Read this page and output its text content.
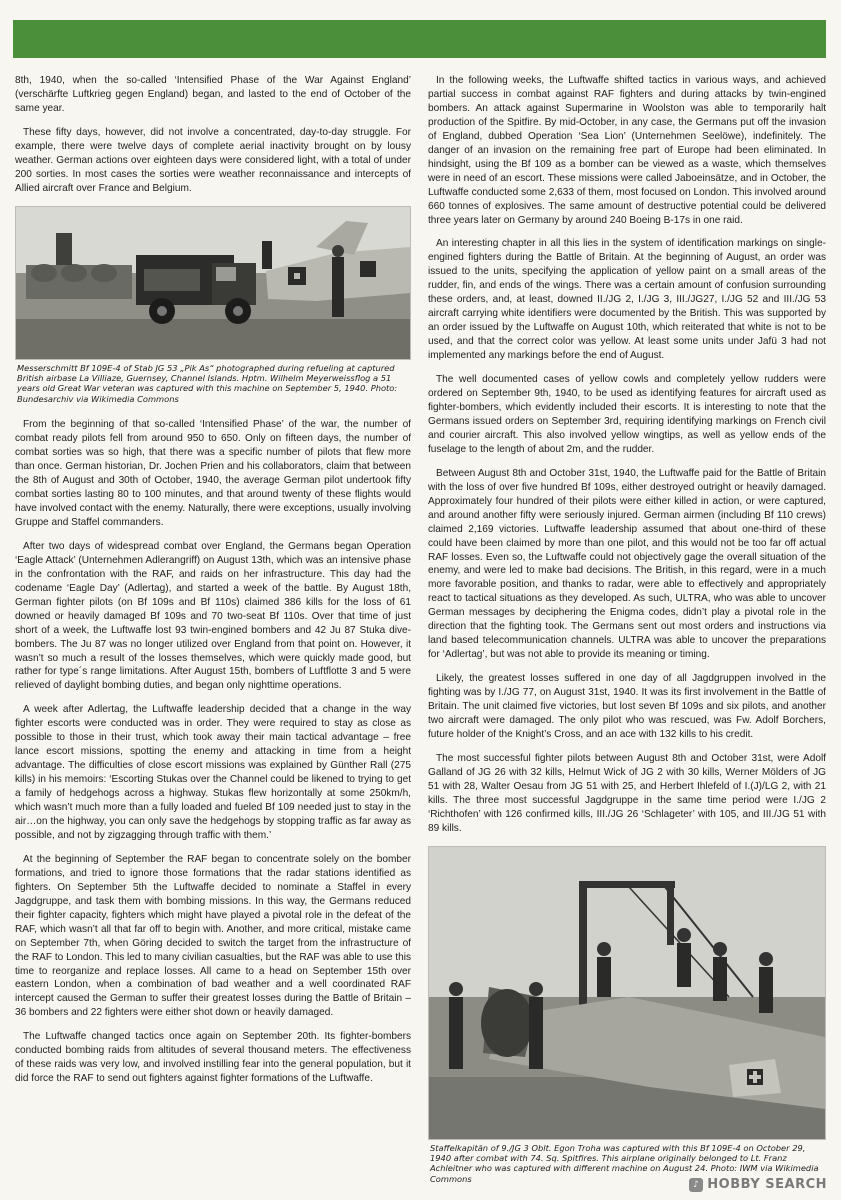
8th, 1940, when the so-called ‘Intensified Phase of the War Against England’ (verschärfte Luftkrieg gegen England) began, and lasted to the end of October of the same year.

These fifty days, however, did not involve a concentrated, day-to-day struggle. For example, there were twelve days of complete aerial inactivity brought on by lousy weather. German actions over eighteen days were considered light, with a total of under 200 sorties. In most cases the sorties were weather reconnaissance and intercepts of Allied aircraft over France and Belgium.

Messerschmitt Bf 109E-4 of Stab JG 53 „Pik As“ photographed during refueling at captured British airbase La Villiaze, Guernsey, Channel Islands. Hptm. Wilhelm Meyerweissflog a 51 years old Great War veteran was captured with this machine on September 5, 1940. Photo: Bundesarchiv via Wikimedia Commons

From the beginning of that so-called ‘Intensified Phase’ of the war, the number of combat ready pilots fell from around 950 to 650. Only on fifteen days, the number of combat sorties was so high, that there was a specific number of pilots that flew more than once. German historian, Dr. Jochen Prien and his collaborators, claim that between the 8th of August and 30th of October, 1940, the average German pilot undertook fifty combat sorties lasting 80 to 100 minutes, and that around twenty of these flights would have involved contact with the enemy. Naturally, there were exceptions, usually involving Gruppe and Staffel commanders.

After two days of widespread combat over England, the Germans began Operation ‘Eagle Attack’ (Unternehmen Adlerangriff) on August 13th, which was an intensive phase in the confrontation with the RAF, and raids on her infrastructure. This day had the codename ‘Eagle Day’ (Adlertag), and started a week of the battle. By August 18th, German fighter pilots (on Bf 109s and Bf 110s) claimed 386 kills for the loss of 61 downed or heavily damaged Bf 109s and 70 two-seat Bf 110s. Over that time of just short of a week, the Luftwaffe lost 93 twin-engined bombers and 42 Ju 87 Stuka dive-bombers. The Ju 87 was no longer utilized over England from that point on. However, it wasn’t so much a result of the losses themselves, which were quickly made good, but rather for type´s range limitations. After August 15th, bombers of Luftflotte 3 and 5 were relieved of daylight bombing duties, and began only nighttime operations.

A week after Adlertag, the Luftwaffe leadership decided that a change in the way fighter escorts were conducted was in order. They were required to stay as close as possible to those in their trust, which took away their main tactical advantage – free lance escort missions, spotting the enemy and attacking in time from a height advantage. The difficulties of close escort missions was explained by Günther Rall (275 kills) in his memoirs: ‘Escorting Stukas over the Channel could be likened to trying to get a family of hedgehogs across a highway. Stukas flew horizontally at some 250km/h, which wasn’t much more than a fully loaded and fueled Bf 109 needed just to stay in the air…on the highway, you can only save the hedgehogs by stopping traffic as far away as possible, and not by zigzagging through traffic with them.’

At the beginning of September the RAF began to concentrate solely on the bomber formations, and tried to ignore those formations that the radar stations identified as fighters. On September 5th the Luftwaffe decided to nominate a Staffel in every Jagdgruppe, and task them with bombing missions. In this way, the Germans reduced their fighter capacity, fighters which might have played a pivotal role in the defeat of the RAF, which wasn’t all that far off to begin with. Another, and more critical, mistake came on September 7th, when Göring decided to switch the target from the infrastructure of the RAF to London. This led to many civilian casualties, but the RAF was able to use this time to reorganize and replace losses. All came to a head on September 15th over eastern London, when a combination of bad weather and a well coordinated RAF intercept caused the German to suffer their greatest losses during the Battle of Britain – 36 bombers and 22 fighters were either shot down or heavily damaged.

The Luftwaffe changed tactics once again on September 20th. Its fighter-bombers conducted bombing raids from altitudes of several thousand meters. The effectiveness of these raids was very low, and involved instilling fear into the general population, but it did force the RAF to send out fighters against fighter formations of the Luftwaffe.

In the following weeks, the Luftwaffe shifted tactics in various ways, and achieved partial success in combat against RAF fighters and during attacks by twin-engined bombers. An attack against Supermarine in Woolston was able to temporarily halt production of the Spitfire. By mid-October, in any case, the Germans put off the invasion of England, dubbed Operation ‘Sea Lion’ (Unternehmen Seelöwe), indefinitely. The danger of an invasion on the remaining free part of Europe had been eliminated. In hindsight, using the Bf 109 as a bomber can be viewed as a waste, which themselves were in need of an escort. These missions were called Jaboeinsätze, and in October, the Luftwaffe conducted some 2,633 of them, most focused on London. This involved around 660 tonnes of explosives. The same amount of destructive potential could be delivered three years later on Germany by around 240 Boeing B-17s in one raid.

An interesting chapter in all this lies in the system of identification markings on single-engined fighters during the Battle of Britain. At the beginning of August, an order was issued to the units, specifying the application of yellow paint on a small areas of the rudder, fin, and ends of the wings. There was a certain amount of confusion surrounding these orders, and, at least, downed II./JG 2, I./JG 3, III./JG27, I./JG 52 and III./JG 53 aircraft carrying white identifiers were documented by the British. This was supported by an order issued by the Luftwaffe on August 10th, which reiterated that white is not to be used, and that the correct color was yellow. At least some units under Jafü 3 had not implemented any markings before the end of August.

The well documented cases of yellow cowls and completely yellow rudders were ordered on September 9th, 1940, to be used as identifying features for aircraft used as fighter-bombers, which evidently included their escorts. It is interesting to note that the Germans issued orders on September 3rd, requiring identifying markings on French civil and courier aircraft. This also involved yellow wingtips, as well as yellow ends of the fuselage to the length of about 2m, and the rudder.

Between August 8th and October 31st, 1940, the Luftwaffe paid for the Battle of Britain with the loss of over five hundred Bf 109s, either destroyed outright or heavily damaged. Approximately four hundred of their pilots were either killed in action, or were captured, and around another fifty were seriously injured. German airmen (including Bf 110 crews) claimed 2,169 victories. Luftwaffe leadership assumed that about one-third of these could have been claimed by more than one pilot, and this would not be too far off actual RAF losses. Even so, the Luftwaffe could not objectively gage the overall situation of the enemy, and were led to make bad decisions. The British, in this regard, were in a much more favorable position, and thanks to radar, were able to effectively and appropriately react to tactical situations as they developed. As such, ULTRA, who was able to uncover German messages by deciphering the Enigma codes, didn’t play a pivotal role in the direction that the fighting took. The Germans sent out most orders and instructions via land based telecommunication channels. ULTRA was able to uncover the preparations for ‘Adlertag’, but was not able to provide its meaning or timing.

Likely, the greatest losses suffered in one day of all Jagdgruppen involved in the fighting was by I./JG 77, on August 31st, 1940. It was its first involvement in the Battle of Britain. The unit claimed five victories, but lost seven Bf 109s and six pilots, and another two aircraft were damaged. The only pilot who was rescued, was Fw. Adolf Borchers, future holder of the Knight’s Cross, and an ace with 132 kills to his credit.

The most successful fighter pilots between August 8th and October 31st, were Adolf Galland of JG 26 with 32 kills, Helmut Wick of JG 2 with 30 kills, Werner Mölders of JG 51 with 28, Walter Oesau from JG 51 with 25, and Herbert Ihlefeld of I.(J)/LG 2, with 21 kills. The three most successful Jagdgruppe in the same time period were I./JG 2 ‘Richthofen’ with 126 confirmed kills, III./JG 26 ‘Schlageter’ with 105, and III./JG 51 with 89 kills.

Staffelkapitän of 9./JG 3 Oblt. Egon Troha was captured with this Bf 109E-4 on October 29, 1940 after combat with 74. Sq. Spitfires. This airplane originally belonged to Lt. Franz Achleitner who was captured with different machine on August 24. Photo: IWM via Wikimedia Commons
♪ HOBBY SEARCH
